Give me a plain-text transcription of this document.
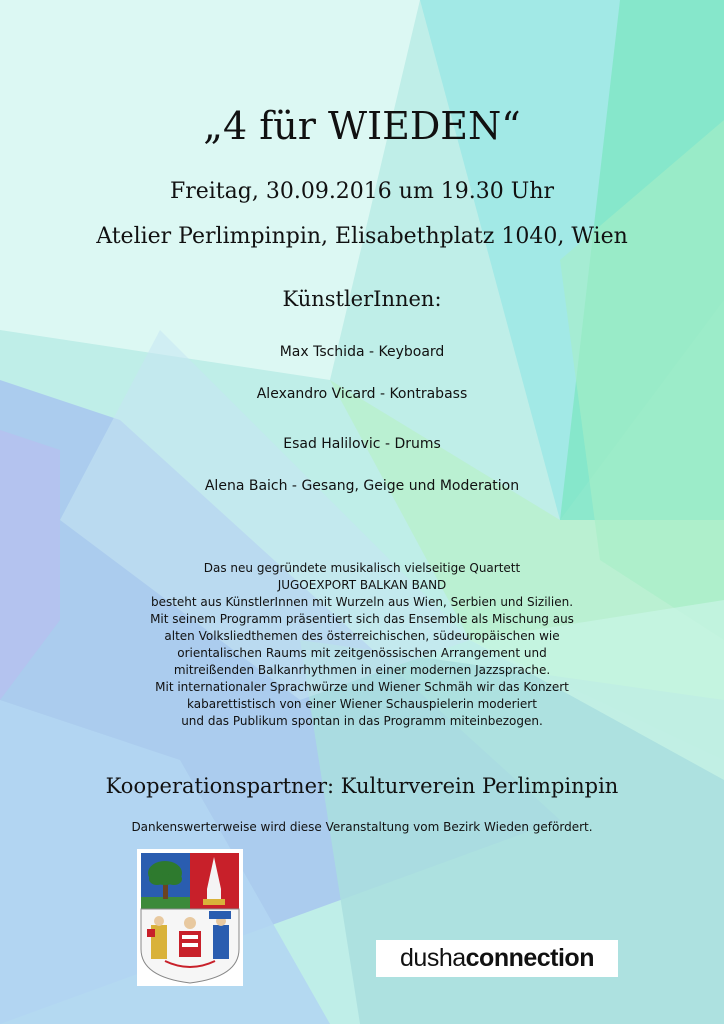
„4 für WIEDEN“
Freitag, 30.09.2016 um 19.30 Uhr
Atelier Perlimpinpin, Elisabethplatz 1040, Wien
KünstlerInnen:
Max Tschida - Keyboard
Alexandro Vicard - Kontrabass
Esad Halilovic - Drums
Alena Baich - Gesang, Geige und Moderation
Das neu gegründete musikalisch vielseitige Quartett
JUGOEXPORT BALKAN BAND
besteht aus KünstlerInnen mit Wurzeln aus Wien, Serbien und Sizilien.
Mit seinem Programm präsentiert sich das Ensemble als Mischung aus
alten Volksliedthemen des österreichischen, südeuropäischen wie
orientalischen Raums mit zeitgenössischen Arrangement und
mitreißenden Balkanrhythmen in einer modernen Jazzsprache.
Mit internationaler Sprachwürze und Wiener Schmäh wir das Konzert
kabarettistisch von einer Wiener Schauspielerin moderiert
und das Publikum spontan in das Programm miteinbezogen.
Kooperationspartner: Kulturverein Perlimpinpin
Dankenswerterweise wird diese Veranstaltung vom Bezirk Wieden gefördert.
dusha connection
